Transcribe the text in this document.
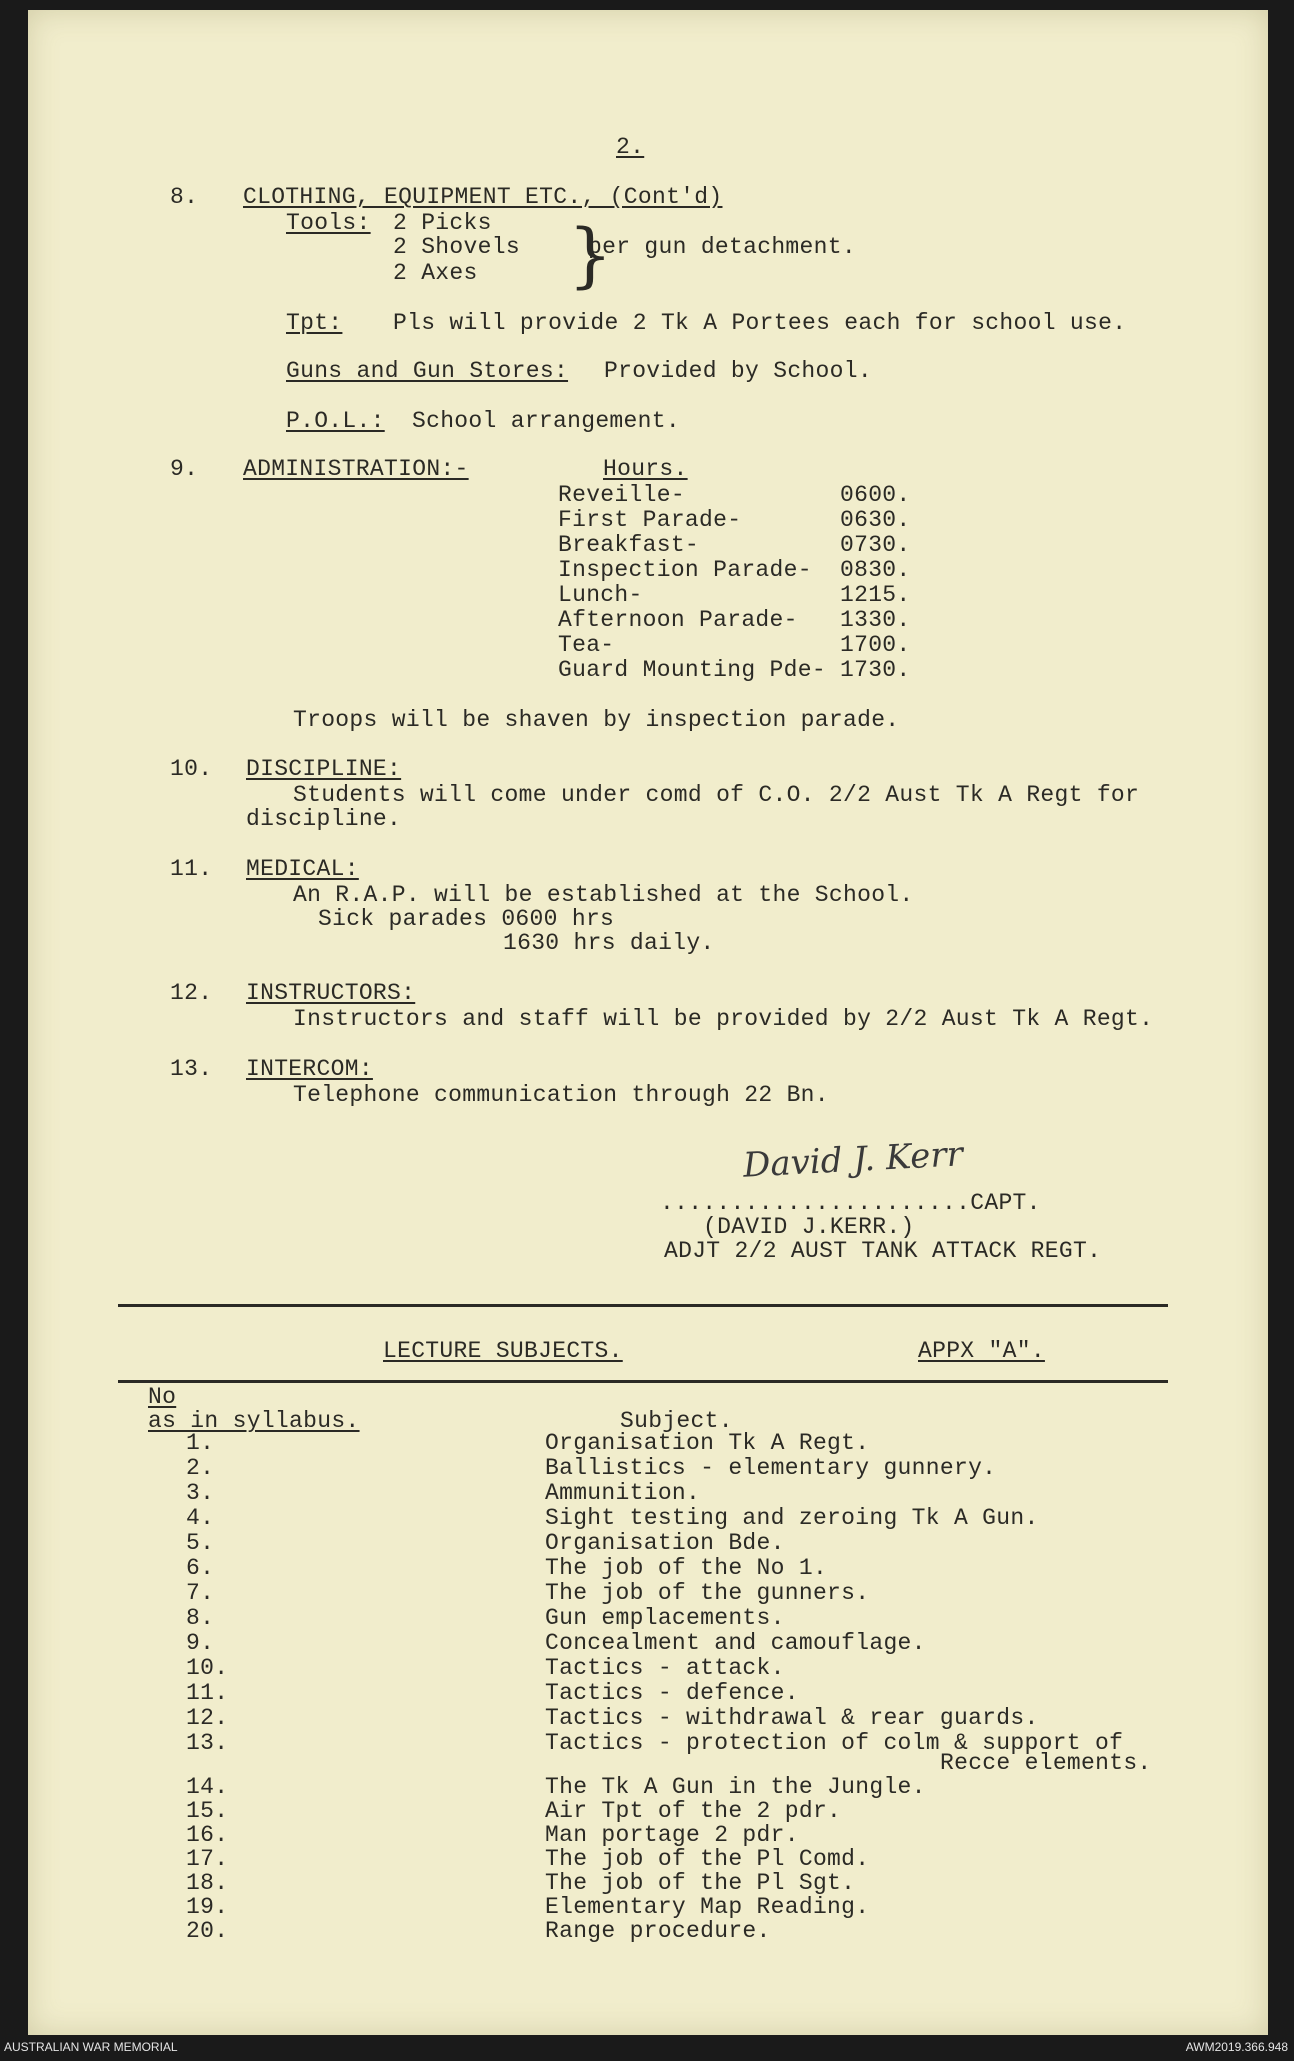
2.
8. CLOTHING, EQUIPMENT ETC., (Cont'd)
Tools: 2 Picks
2 Shovels
2 Axes }
per gun detachment.
Tpt: Pls will provide 2 Tk A Portees each for school use.
Guns and Gun Stores: Provided by School.
P.O.L.: School arrangement.
9. ADMINISTRATION:-	Hours.
Reveille-	0600.
First Parade-	0630.
Breakfast-	0730.
Inspection Parade- 0830.
Lunch-	1215.
Afternoon Parade- 1330.
Tea-	1700.
Guard Mounting Pde- 1730.
Troops will be shaven by inspection parade.
10. DISCIPLINE:
Students will come under comd of C.O. 2/2 Aust Tk A Regt for
discipline.
11. MEDICAL:
An R.A.P. will be established at the School.
Sick parades 0600 hrs
1630 hrs daily.
12. INSTRUCTORS:
Instructors and staff will be provided by 2/2 Aust Tk A Regt.
13. INTERCOM:
Telephone communication through 22 Bn.
David J. Kerr
......................CAPT.
(DAVID J.KERR.)
ADJT 2/2 AUST TANK ATTACK REGT.
LECTURE SUBJECTS.	APPX "A".
No
as in syllabus.	Subject.
1.	Organisation Tk A Regt.
2.	Ballistics - elementary gunnery.
3.	Ammunition.
4.	Sight testing and zeroing Tk A Gun.
5.	Organisation Bde.
6.	The job of the No 1.
7.	The job of the gunners.
8.	Gun emplacements.
9.	Concealment and camouflage.
10.	Tactics - attack.
11.	Tactics - defence.
12.	Tactics - withdrawal & rear guards.
13.	Tactics - protection of colm & support of
Recce elements.
14.	The Tk A Gun in the Jungle.
15.	Air Tpt of the 2 pdr.
16.	Man portage 2 pdr.
17.	The job of the Pl Comd.
18.	The job of the Pl Sgt.
19.	Elementary Map Reading.
20.	Range procedure.
AUSTRALIAN WAR MEMORIAL	AWM2019.366.948
